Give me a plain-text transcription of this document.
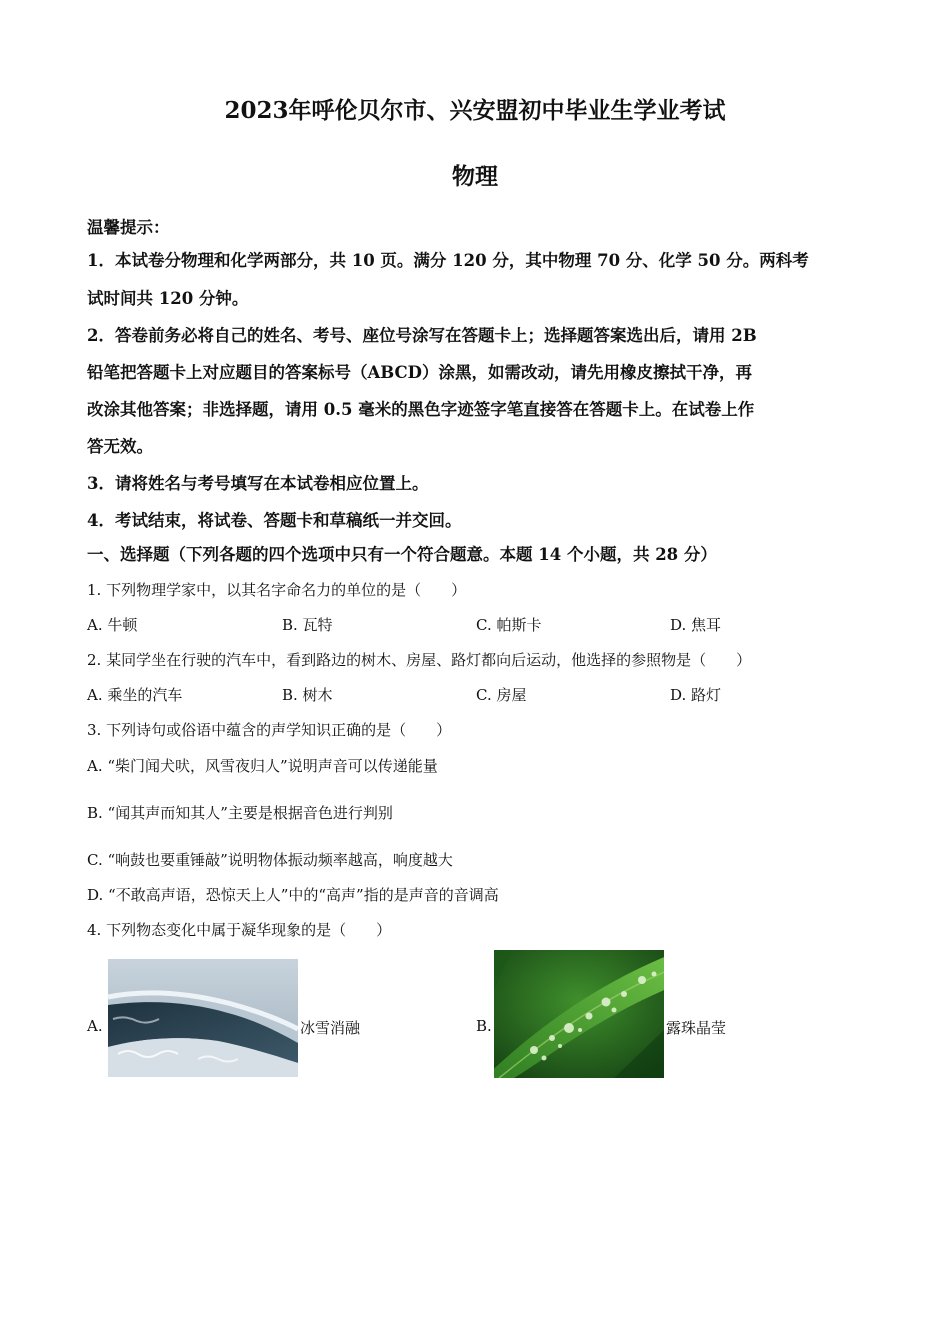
2023年呼伦贝尔市、兴安盟初中毕业生学业考试
物理
温馨提示：
1．本试卷分物理和化学两部分，共 10 页。满分 120 分，其中物理 70 分、化学 50 分。两科考
试时间共 120 分钟。
2．答卷前务必将自己的姓名、考号、座位号涂写在答题卡上；选择题答案选出后，请用 2B
铅笔把答题卡上对应题目的答案标号（ABCD）涂黑，如需改动，请先用橡皮擦拭干净，再
改涂其他答案；非选择题，请用 0.5 毫米的黑色字迹签字笔直接答在答题卡上。在试卷上作
答无效。
3．请将姓名与考号填写在本试卷相应位置上。
4．考试结束，将试卷、答题卡和草稿纸一并交回。
一、选择题（下列各题的四个选项中只有一个符合题意。本题 14 个小题，共 28 分）
1. 下列物理学家中，以其名字命名力的单位的是（　　）
A. 牛顿	B. 瓦特	C. 帕斯卡	D. 焦耳
2. 某同学坐在行驶的汽车中，看到路边的树木、房屋、路灯都向后运动，他选择的参照物是（　　）
A. 乘坐的汽车	B. 树木	C. 房屋	D. 路灯
3. 下列诗句或俗语中蕴含的声学知识正确的是（　　）
A. “柴门闻犬吠，风雪夜归人”说明声音可以传递能量
B. “闻其声而知其人”主要是根据音色进行判别
C. “响鼓也要重锤敲”说明物体振动频率越高，响度越大
D. “不敢高声语，恐惊天上人”中的“高声”指的是声音的音调高
4. 下列物态变化中属于凝华现象的是（　　）
A.	冰雪消融	B.	露珠晶莹
